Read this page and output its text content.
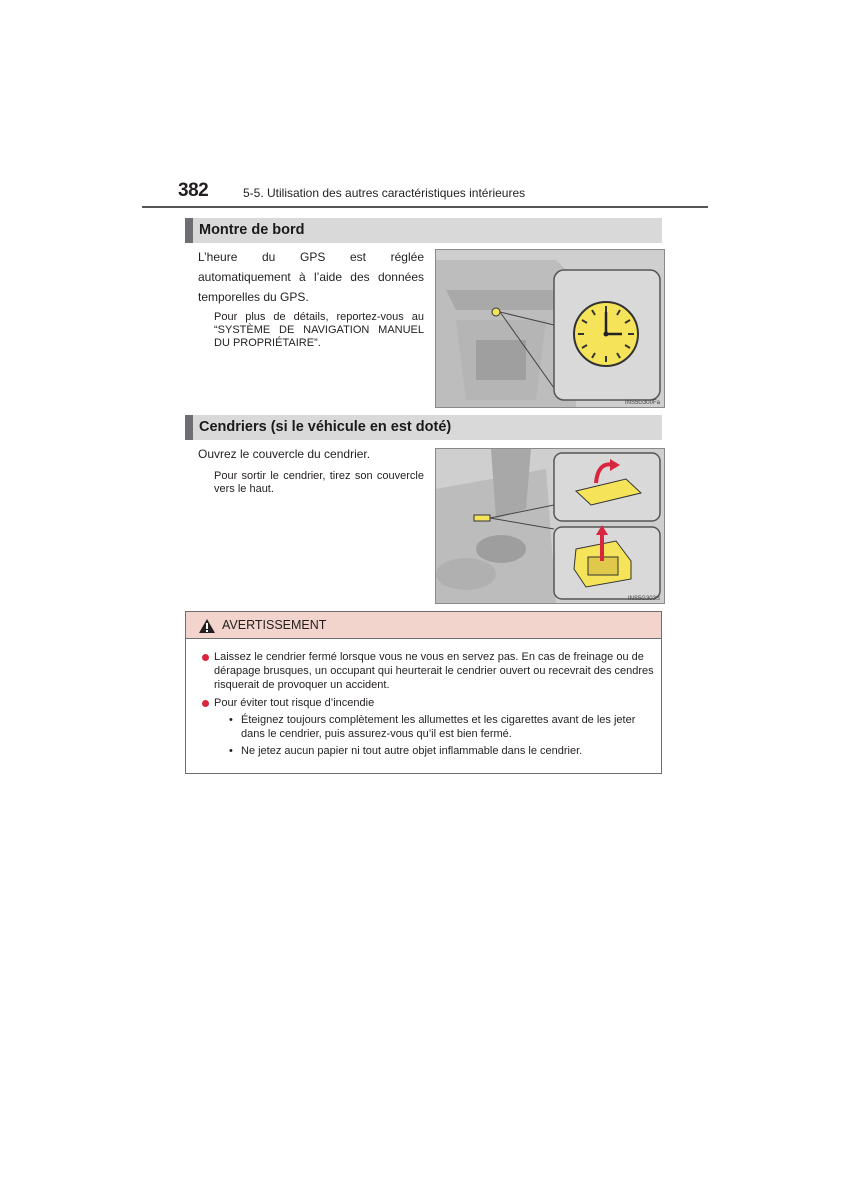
382	5-5. Utilisation des autres caractéristiques intérieures
Montre de bord
L’heure du GPS est réglée automatiquement à l’aide des données temporelles du GPS.
Pour plus de détails, reportez-vous au “SYSTÈME DE NAVIGATION MANUEL DU PROPRIÉTAIRE”.
INS5G300Fa
Cendriers (si le véhicule en est doté)
Ouvrez le couvercle du cendrier.
Pour sortir le cendrier, tirez son couvercle vers le haut.
INS5G303S
AVERTISSEMENT
Laissez le cendrier fermé lorsque vous ne vous en servez pas. En cas de freinage ou de dérapage brusques, un occupant qui heurterait le cendrier ouvert ou recevrait des cendres risquerait de provoquer un accident.
Pour éviter tout risque d’incendie
• Éteignez toujours complètement les allumettes et les cigarettes avant de les jeter dans le cendrier, puis assurez-vous qu’il est bien fermé.
• Ne jetez aucun papier ni tout autre objet inflammable dans le cendrier.
